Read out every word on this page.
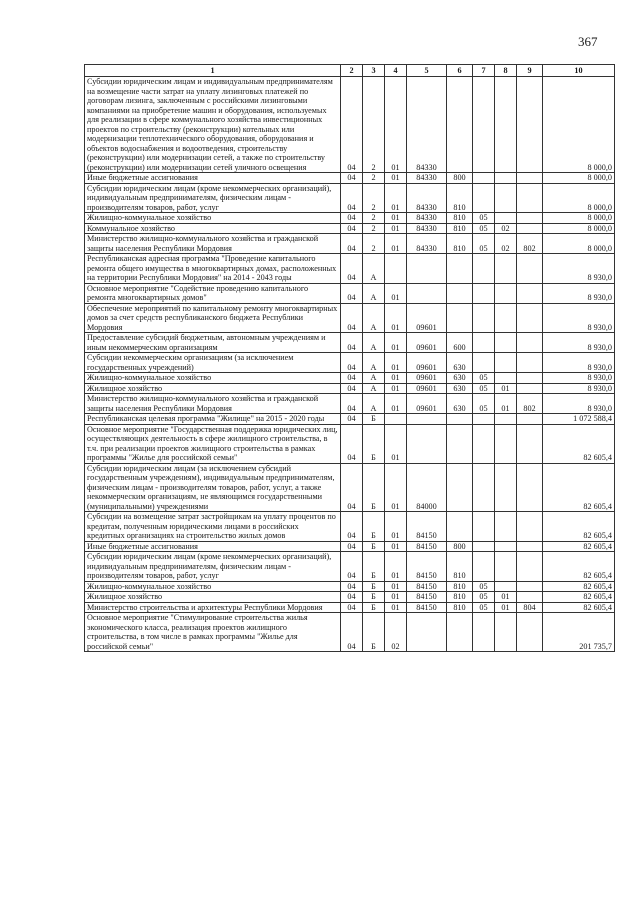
367
1	2	3	4	5	6	7	8	9	10
Субсидии юридическим лицам и индивидуальным предпринимателям на возмещение части затрат на уплату лизинговых платежей по договорам лизинга, заключенным с российскими лизинговыми компаниями на приобретение машин и оборудования, используемых для реализации в сфере коммунального хозяйства инвестиционных проектов по строительству (реконструкции) котельных или модернизации теплотехнического оборудования, оборудования и объектов водоснабжения и водоотведения, строительству (реконструкции) или модернизации сетей, а также по строительству (реконструкции) или модернизации сетей уличного освещения	04	2	01	84330					8 000,0
Иные бюджетные ассигнования	04	2	01	84330	800				8 000,0
Субсидии юридическим лицам (кроме некоммерческих организаций), индивидуальным предпринимателям, физическим лицам - производителям товаров, работ, услуг	04	2	01	84330	810				8 000,0
Жилищно-коммунальное хозяйство	04	2	01	84330	810	05			8 000,0
Коммунальное хозяйство	04	2	01	84330	810	05	02		8 000,0
Министерство жилищно-коммунального хозяйства и гражданской защиты населения Республики Мордовия	04	2	01	84330	810	05	02	802	8 000,0
Республиканская адресная программа "Проведение капитального ремонта общего имущества в многоквартирных домах, расположенных на территории Республики Мордовия" на 2014 - 2043 годы	04	А							8 930,0
Основное мероприятие "Содействие проведению капитального ремонта многоквартирных домов"	04	А	01						8 930,0
Обеспечение мероприятий по капитальному ремонту многоквартирных домов за счет средств республиканского бюджета Республики Мордовия	04	А	01	09601					8 930,0
Предоставление субсидий бюджетным, автономным учреждениям и иным некоммерческим организациям	04	А	01	09601	600				8 930,0
Субсидии некоммерческим организациям (за исключением государственных учреждений)	04	А	01	09601	630				8 930,0
Жилищно-коммунальное хозяйство	04	А	01	09601	630	05			8 930,0
Жилищное хозяйство	04	А	01	09601	630	05	01		8 930,0
Министерство жилищно-коммунального хозяйства и гражданской защиты населения Республики Мордовия	04	А	01	09601	630	05	01	802	8 930,0
Республиканская целевая программа "Жилище" на 2015 - 2020 годы	04	Б							1 072 588,4
Основное мероприятие "Государственная поддержка юридических лиц, осуществляющих деятельность в сфере жилищного строительства, в т.ч. при реализации проектов жилищного строительства в рамках программы "Жилье для российской семьи"	04	Б	01						82 605,4
Субсидии юридическим лицам (за исключением субсидий государственным учреждениям), индивидуальным предпринимателям, физическим лицам - производителям товаров, работ, услуг, а также некоммерческим организациям, не являющимся государственными (муниципальными) учреждениями	04	Б	01	84000					82 605,4
Субсидии на возмещение затрат застройщикам на уплату процентов по кредитам, полученным юридическими лицами в российских кредитных организациях на строительство жилых домов	04	Б	01	84150					82 605,4
Иные бюджетные ассигнования	04	Б	01	84150	800				82 605,4
Субсидии юридическим лицам (кроме некоммерческих организаций), индивидуальным предпринимателям, физическим лицам - производителям товаров, работ, услуг	04	Б	01	84150	810				82 605,4
Жилищно-коммунальное хозяйство	04	Б	01	84150	810	05			82 605,4
Жилищное хозяйство	04	Б	01	84150	810	05	01		82 605,4
Министерство строительства и архитектуры Республики Мордовия	04	Б	01	84150	810	05	01	804	82 605,4
Основное мероприятие "Стимулирование строительства жилья экономического класса, реализация проектов жилищного строительства, в том числе в рамках программы "Жилье для российской семьи"	04	Б	02						201 735,7
